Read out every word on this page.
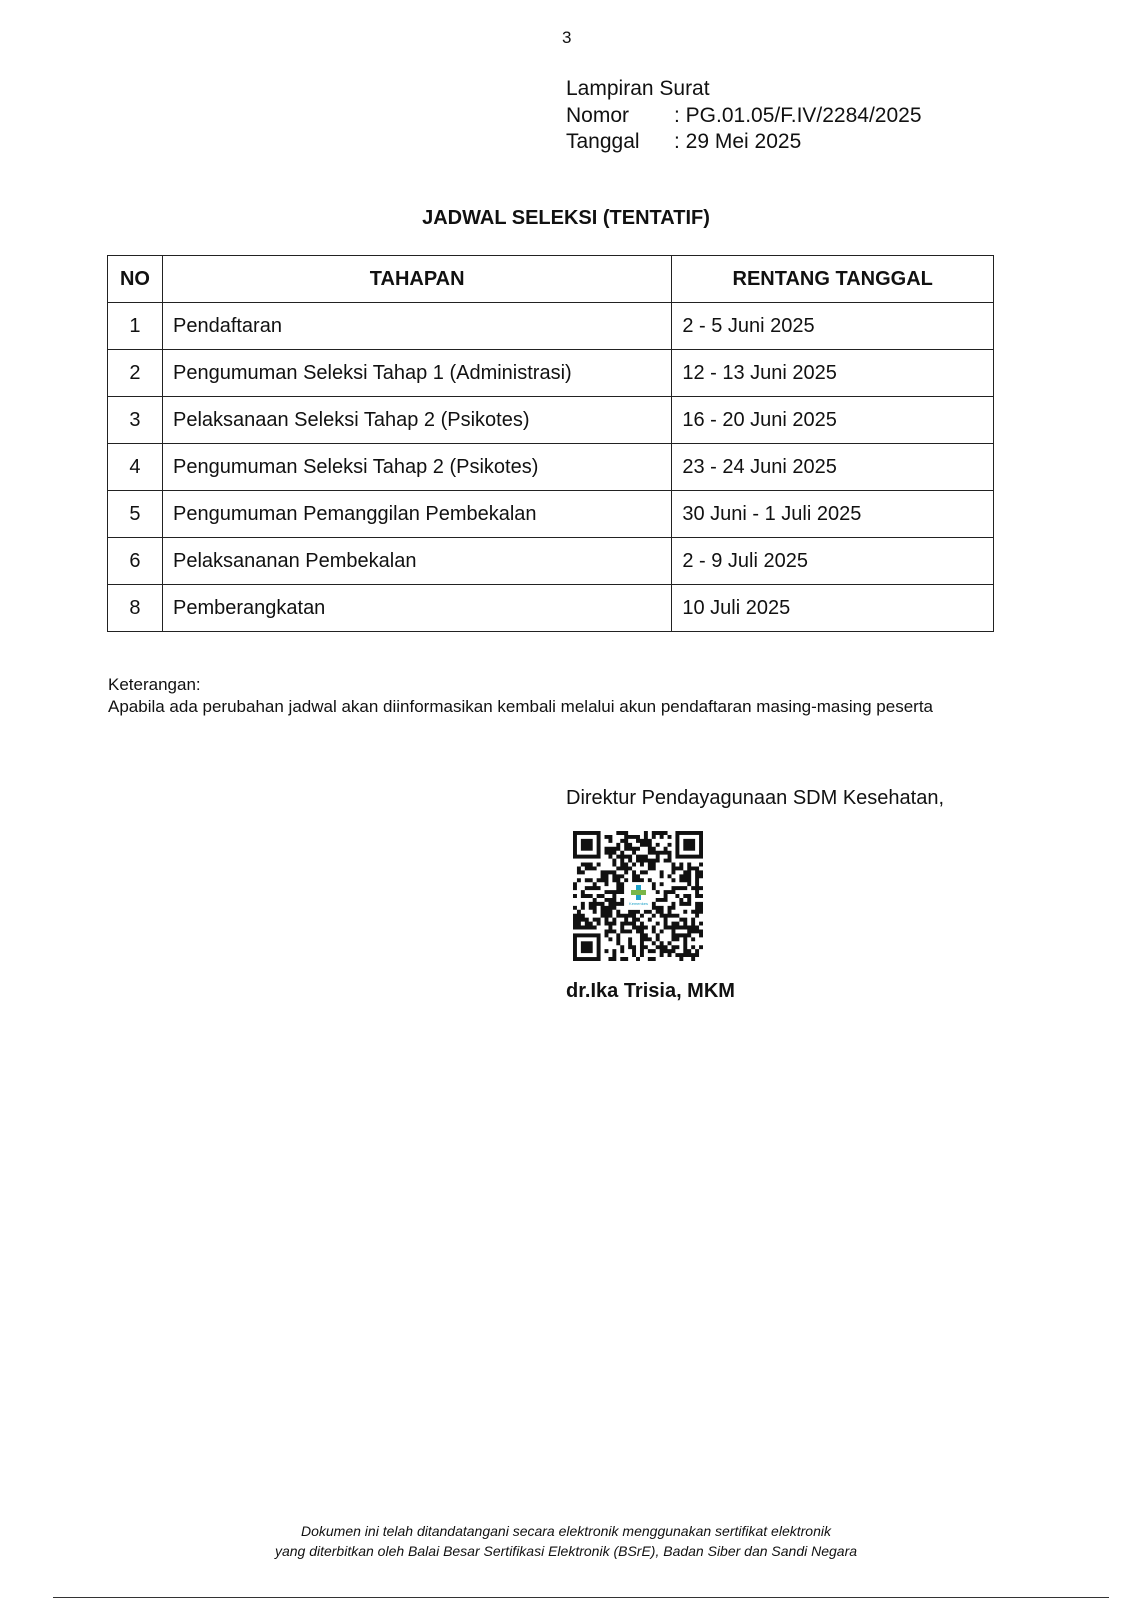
3
Lampiran Surat
Nomor	: PG.01.05/F.IV/2284/2025
Tanggal	: 29 Mei 2025
JADWAL SELEKSI (TENTATIF)
NO	TAHAPAN	RENTANG TANGGAL
1	Pendaftaran	2 - 5 Juni 2025
2	Pengumuman Seleksi Tahap 1 (Administrasi)	12 - 13 Juni 2025
3	Pelaksanaan Seleksi Tahap 2 (Psikotes)	16 - 20 Juni 2025
4	Pengumuman Seleksi Tahap 2 (Psikotes)	23 - 24 Juni 2025
5	Pengumuman Pemanggilan Pembekalan	30 Juni - 1 Juli 2025
6	Pelaksananan Pembekalan	2 - 9 Juli 2025
8	Pemberangkatan	10 Juli 2025

Keterangan:

Apabila ada perubahan jadwal akan diinformasikan kembali melalui akun pendaftaran masing-masing peserta

Direktur Pendayagunaan SDM Kesehatan,
Kemenkes
dr.Ika Trisia, MKM

Dokumen ini telah ditandatangani secara elektronik menggunakan sertifikat elektronik

yang diterbitkan oleh Balai Besar Sertifikasi Elektronik (BSrE), Badan Siber dan Sandi Negara
